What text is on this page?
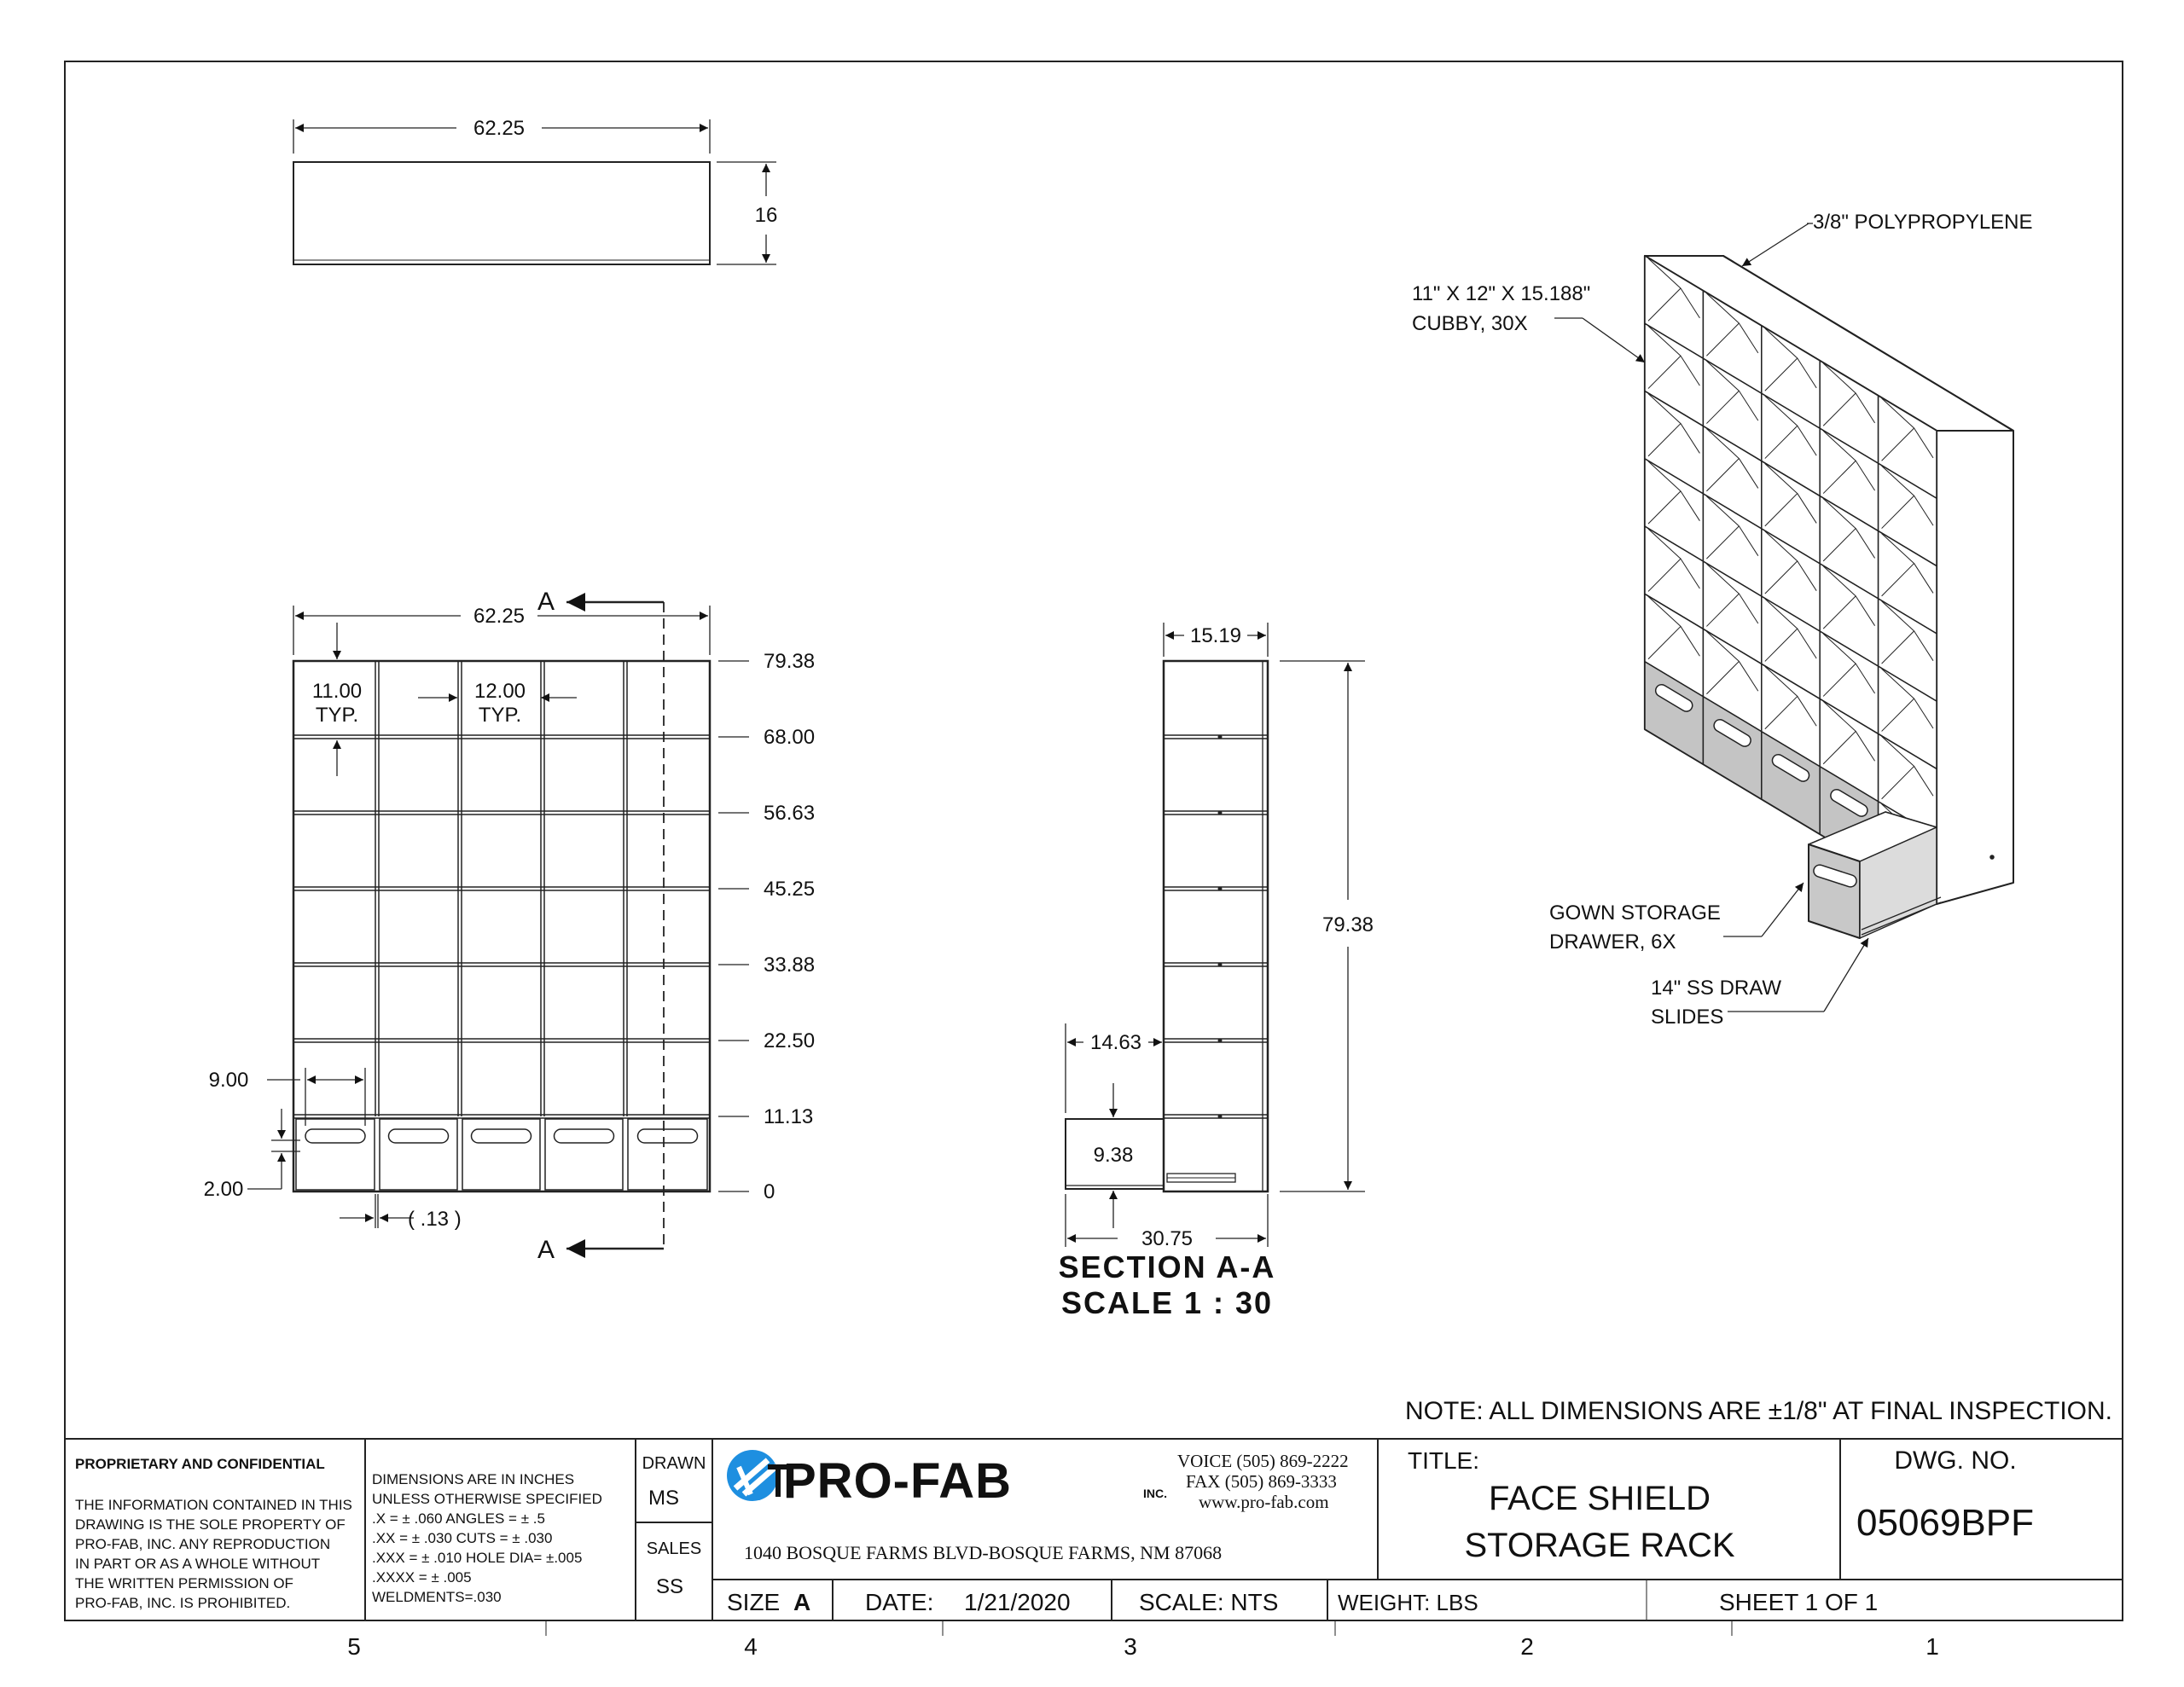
62.25
16
62.25
A
A
11.00
TYP.
12.00
TYP.
9.00
2.00
( .13 )
79.38
68.00
56.63
45.25
33.88
22.50
11.13
0
15.19
79.38
14.63
9.38
30.75
SECTION A-A
SCALE 1 : 30
3/8" POLYPROPYLENE
11" X 12" X 15.188"
CUBBY, 30X
GOWN STORAGE
DRAWER, 6X
14" SS DRAW
SLIDES
NOTE: ALL DIMENSIONS ARE ±1/8" AT FINAL INSPECTION.
PROPRIETARY AND CONFIDENTIAL
THE INFORMATION CONTAINED IN THIS
DRAWING IS THE SOLE PROPERTY OF
PRO-FAB, INC. ANY REPRODUCTION
IN PART OR AS A WHOLE WITHOUT
THE WRITTEN PERMISSION OF
PRO-FAB, INC. IS PROHIBITED.
DIMENSIONS ARE IN INCHES
UNLESS OTHERWISE SPECIFIED
.X = ± .060 ANGLES = ± .5
.XX = ± .030 CUTS = ± .030
.XXX = ± .010 HOLE DIA= ±.005
.XXXX = ± .005
WELDMENTS=.030
DRAWN
MS
SALES
SS
PRO-FAB	INC.
VOICE (505) 869-2222
FAX (505) 869-3333
www.pro-fab.com
1040 BOSQUE FARMS BLVD-BOSQUE FARMS, NM 87068
TITLE:
FACE SHIELD
STORAGE RACK
DWG. NO.
05069BPF
SIZE A DATE: 1/21/2020	SCALE: NTS	WEIGHT: LBS	SHEET 1 OF 1
5	4	3	2	1
